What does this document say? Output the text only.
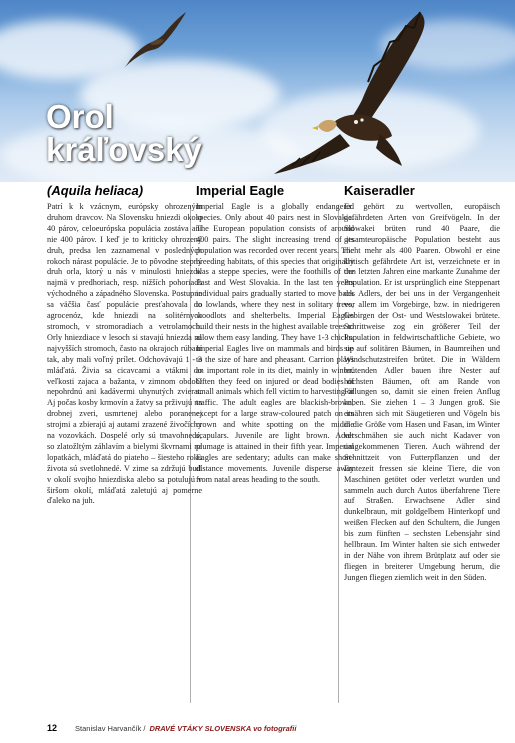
Orol
kráľovský
(Aquila heliaca)

Patrí k k vzácnym, európsky ohrozeným druhom dravcov. Na Slovensku hniezdi okolo 40 párov, celoeurópska populácia zostáva ani nie 400 párov. I keď je to kriticky ohrozený druh, predsa len zaznamenal v posledných rokoch nárast populácie. Je to pôvodne stepný druh orla, ktorý u nás v minulosti hniezdil najmä v predhoriach, resp. nižších pohoriach východného a západného Slovenska. Postupne sa väčšia časť populácie presťahovala do agrocenóz, kde hniezdi na solitérnych stromoch, v stromoradiach a vetrolamoch. Orly hniezdiace v lesoch si stavajú hniezda na najvyšších stromoch, často na okrajoch rúbaní tak, aby mali voľný prílet. Odchovávajú 1 - 3 mláďatá. Živia sa cicavcami a vtákmi do veľkosti zajaca a bažanta, v zimnom období nepohrdnú ani kadávermi uhynutých zvierat. Aj počas kosby krmovín a žatvy sa prživujú na drobnej zveri, usmrtenej alebo poranenej strojmi a zbierajú aj autami zrazené živočíchy na vozovkách. Dospelé orly sú tmavohnedé, so zlatožltým záhlavím a bielymi škvrnami na lopatkách, mláďatá do piateho – šiesteho roku života sú svetlohnedé. V zime sa zdržujú buď v okolí svojho hniezdiska alebo sa potulujú v širšom okolí, mláďatá zaletujú aj pomerne ďaleko na juh.

Imperial Eagle

Imperial Eagle is a globally endangered species. Only about 40 pairs nest in Slovakia. The European population consists of around 400 pairs. The slight increasing trend of its population was recorded over recent years. The breeding habitats, of this species that originally was a steppe species, were the foothills of the East and West Slovakia. In the last ten years individual pairs gradually started to move back to lowlands, where they nest in solitary trees, woodlots and shelterbelts. Imperial Eagles build their nests in the highest available trees to allow them easy landing. They have 1-3 chicks. Imperial Eagles live on mammals and birds up to the size of hare and pheasant. Carrion plays an important role in its diet, mainly in winter. Often they feed on injured or dead bodies of small animals which fell victim to harvesting or traffic. The adult eagles are blackish-brown, except for a large straw-coloured patch on its crown and white spotting on the middle scapulars. Juvenile are light brown. Adult plumage is attained in their fifth year. Imperial Eagles are sedentary; adults can make short-distance movements. Juvenile disperse away from natal areas heading to the south.

Kaiseradler

Er gehört zu wertvollen, europäisch gefährdeten Arten von Greifvögeln. In der Slowakei brüten rund 40 Paare, die gesamteuropäische Population besteht aus nicht mehr als 400 Paaren. Obwohl er eine kritisch gefährdete Art ist, verzeichnete er in den letzten Jahren eine markante Zunahme der Population. Er ist ursprünglich eine Steppenart des Adlers, der bei uns in der Vergangenheit vor allem im Vorgebirge, bzw. in niedrigeren Gebirgen der Ost- und Westslowakei brütete. Schrittweise zog ein größerer Teil der Population in feldwirtschaftliche Gebiete, wo sie auf solitären Bäumen, in Baumreihen und Windschutzstreifen brütet. Die in Wäldern brütenden Adler bauen ihre Nester auf höchsten Bäumen, oft am Rande von Fällungen so, damit sie einen freien Anflug haben. Sie ziehen 1 – 3 Jungen groß. Sie ernähren sich mit Säugetieren und Vögeln bis in die Größe vom Hasen und Fasan, im Winter verschmähen sie auch nicht Kadaver von umgekommenen Tieren. Auch während der Schnittzeit von Futterpflanzen und der Erntezeit fressen sie kleine Tiere, die von Maschinen getötet oder verletzt wurden und sammeln auch durch Autos überfahrene Tiere auf Straßen. Erwachsene Adler sind dunkelbraun, mit goldgelbem Hinterkopf und weißen Flecken auf den Schultern, die Jungen bis zum fünften – sechsten Lebensjahr sind hellbraun. Im Winter halten sie sich entweder in der Nähe von ihrem Brütplatz auf oder sie fliegen in breiterer Umgebung herum, die Jungen fliegen ziemlich weit in den Süden.

12 Stanislav Harvančík / DRAVÉ VTÁKY SLOVENSKA vo fotografii
